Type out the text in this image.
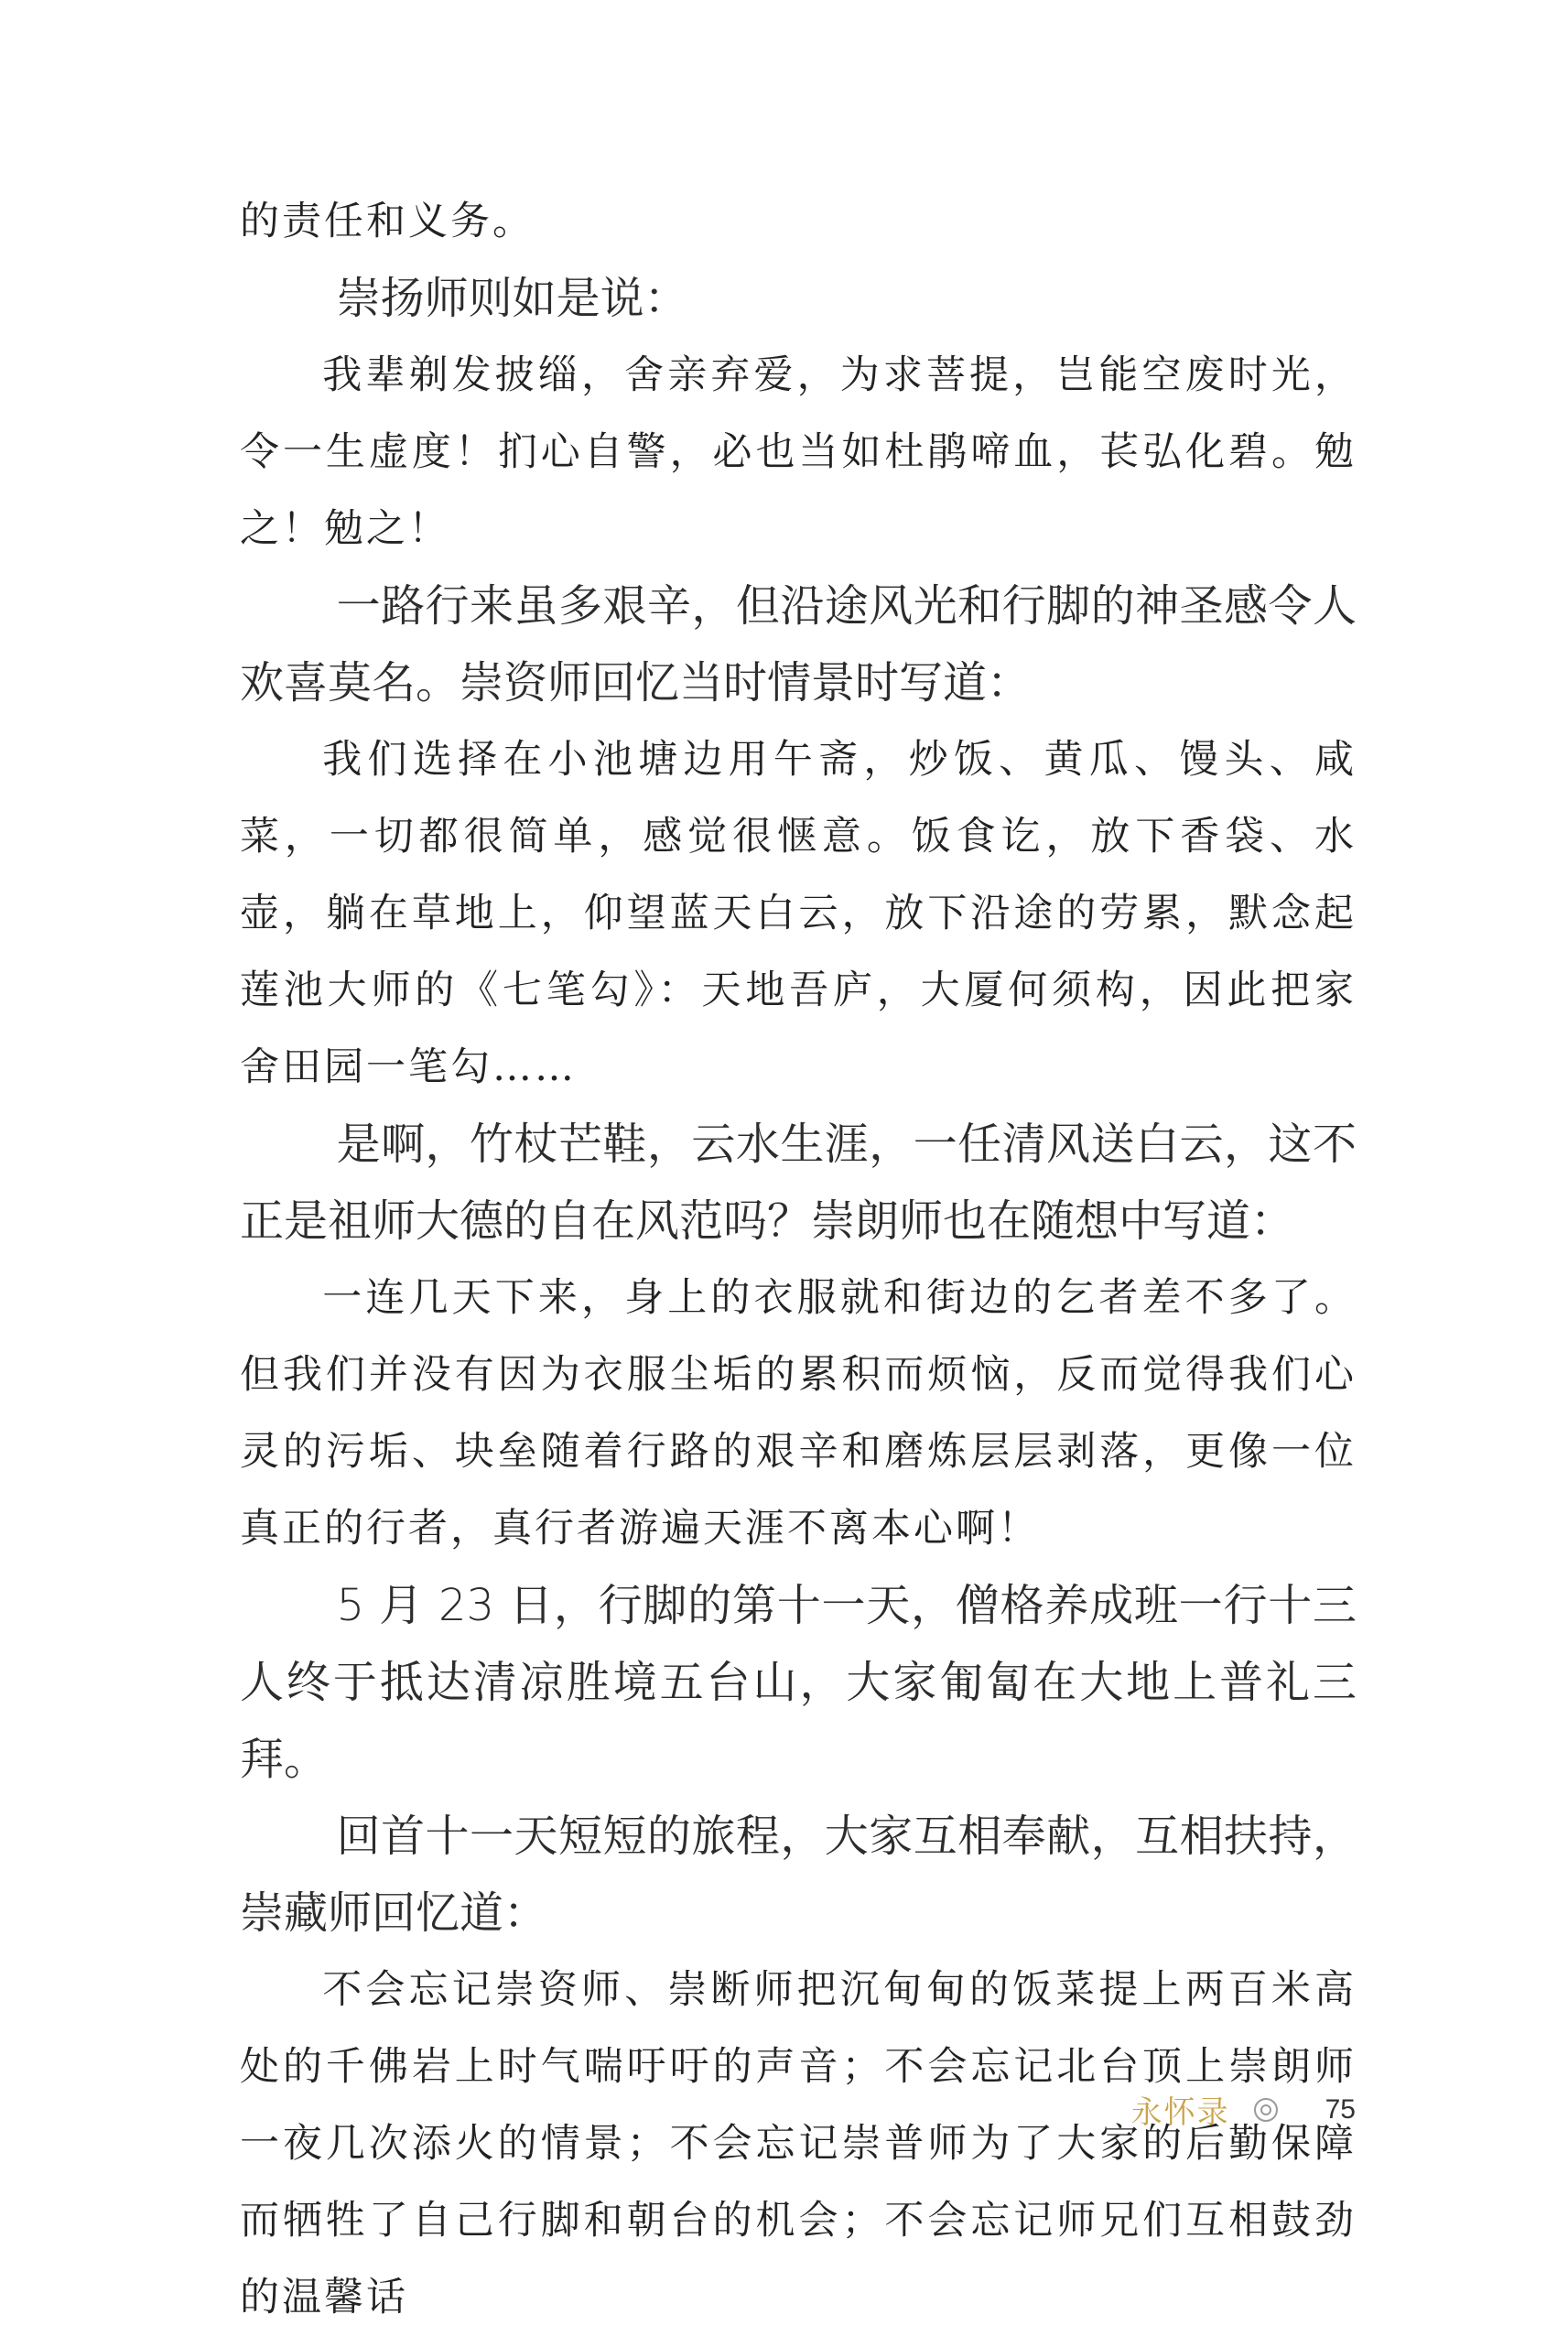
的责任和义务。

崇扬师则如是说：

我辈剃发披缁，舍亲弃爱，为求菩提，岂能空废时光，令一生虚度！扪心自警，必也当如杜鹃啼血，苌弘化碧。勉之！勉之！

一路行来虽多艰辛，但沿途风光和行脚的神圣感令人欢喜莫名。崇资师回忆当时情景时写道：

我们选择在小池塘边用午斋，炒饭、黄瓜、馒头、咸菜，一切都很简单，感觉很惬意。饭食讫，放下香袋、水壶，躺在草地上，仰望蓝天白云，放下沿途的劳累，默念起莲池大师的《七笔勾》：天地吾庐，大厦何须构，因此把家舍田园一笔勾……

是啊，竹杖芒鞋，云水生涯，一任清风送白云，这不正是祖师大德的自在风范吗？崇朗师也在随想中写道：

一连几天下来，身上的衣服就和街边的乞者差不多了。但我们并没有因为衣服尘垢的累积而烦恼，反而觉得我们心灵的污垢、块垒随着行路的艰辛和磨炼层层剥落，更像一位真正的行者，真行者游遍天涯不离本心啊！

5 月 23 日，行脚的第十一天，僧格养成班一行十三人终于抵达清凉胜境五台山，大家匍匐在大地上普礼三拜。

回首十一天短短的旅程，大家互相奉献，互相扶持，崇藏师回忆道：

不会忘记崇资师、崇断师把沉甸甸的饭菜提上两百米高处的千佛岩上时气喘吁吁的声音；不会忘记北台顶上崇朗师一夜几次添火的情景；不会忘记崇普师为了大家的后勤保障而牺牲了自己行脚和朝台的机会；不会忘记师兄们互相鼓劲的温馨话

永怀录	75
